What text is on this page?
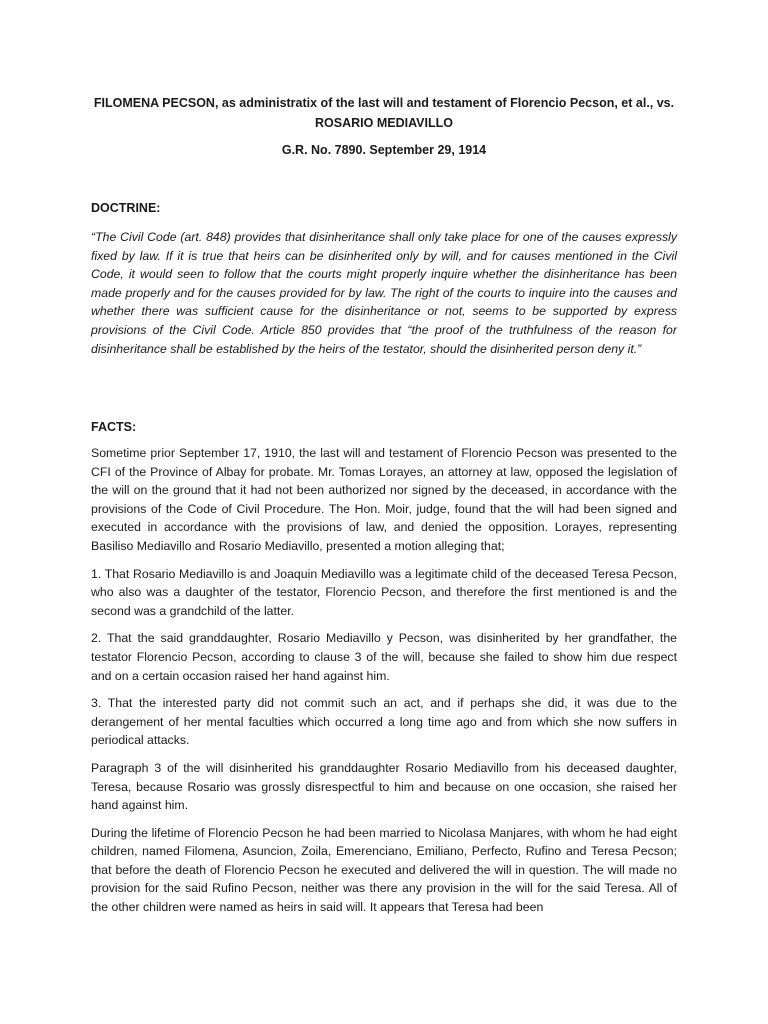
FILOMENA PECSON, as administratix of the last will and testament of Florencio Pecson, et al., vs. ROSARIO MEDIAVILLO
G.R. No. 7890. September 29, 1914
DOCTRINE:

“The Civil Code (art. 848) provides that disinheritance shall only take place for one of the causes expressly fixed by law. If it is true that heirs can be disinherited only by will, and for causes mentioned in the Civil Code, it would seen to follow that the courts might properly inquire whether the disinheritance has been made properly and for the causes provided for by law. The right of the courts to inquire into the causes and whether there was sufficient cause for the disinheritance or not, seems to be supported by express provisions of the Civil Code. Article 850 provides that “the proof of the truthfulness of the reason for disinheritance shall be established by the heirs of the testator, should the disinherited person deny it.”

FACTS:

Sometime prior September 17, 1910, the last will and testament of Florencio Pecson was presented to the CFI of the Province of Albay for probate. Mr. Tomas Lorayes, an attorney at law, opposed the legislation of the will on the ground that it had not been authorized nor signed by the deceased, in accordance with the provisions of the Code of Civil Procedure. The Hon. Moir, judge, found that the will had been signed and executed in accordance with the provisions of law, and denied the opposition. Lorayes, representing Basiliso Mediavillo and Rosario Mediavillo, presented a motion alleging that;

1. That Rosario Mediavillo is and Joaquin Mediavillo was a legitimate child of the deceased Teresa Pecson, who also was a daughter of the testator, Florencio Pecson, and therefore the first mentioned is and the second was a grandchild of the latter.

2. That the said granddaughter, Rosario Mediavillo y Pecson, was disinherited by her grandfather, the testator Florencio Pecson, according to clause 3 of the will, because she failed to show him due respect and on a certain occasion raised her hand against him.

3. That the interested party did not commit such an act, and if perhaps she did, it was due to the derangement of her mental faculties which occurred a long time ago and from which she now suffers in periodical attacks.

Paragraph 3 of the will disinherited his granddaughter Rosario Mediavillo from his deceased daughter, Teresa, because Rosario was grossly disrespectful to him and because on one occasion, she raised her hand against him.

During the lifetime of Florencio Pecson he had been married to Nicolasa Manjares, with whom he had eight children, named Filomena, Asuncion, Zoila, Emerenciano, Emiliano, Perfecto, Rufino and Teresa Pecson; that before the death of Florencio Pecson he executed and delivered the will in question. The will made no provision for the said Rufino Pecson, neither was there any provision in the will for the said Teresa. All of the other children were named as heirs in said will. It appears that Teresa had been
